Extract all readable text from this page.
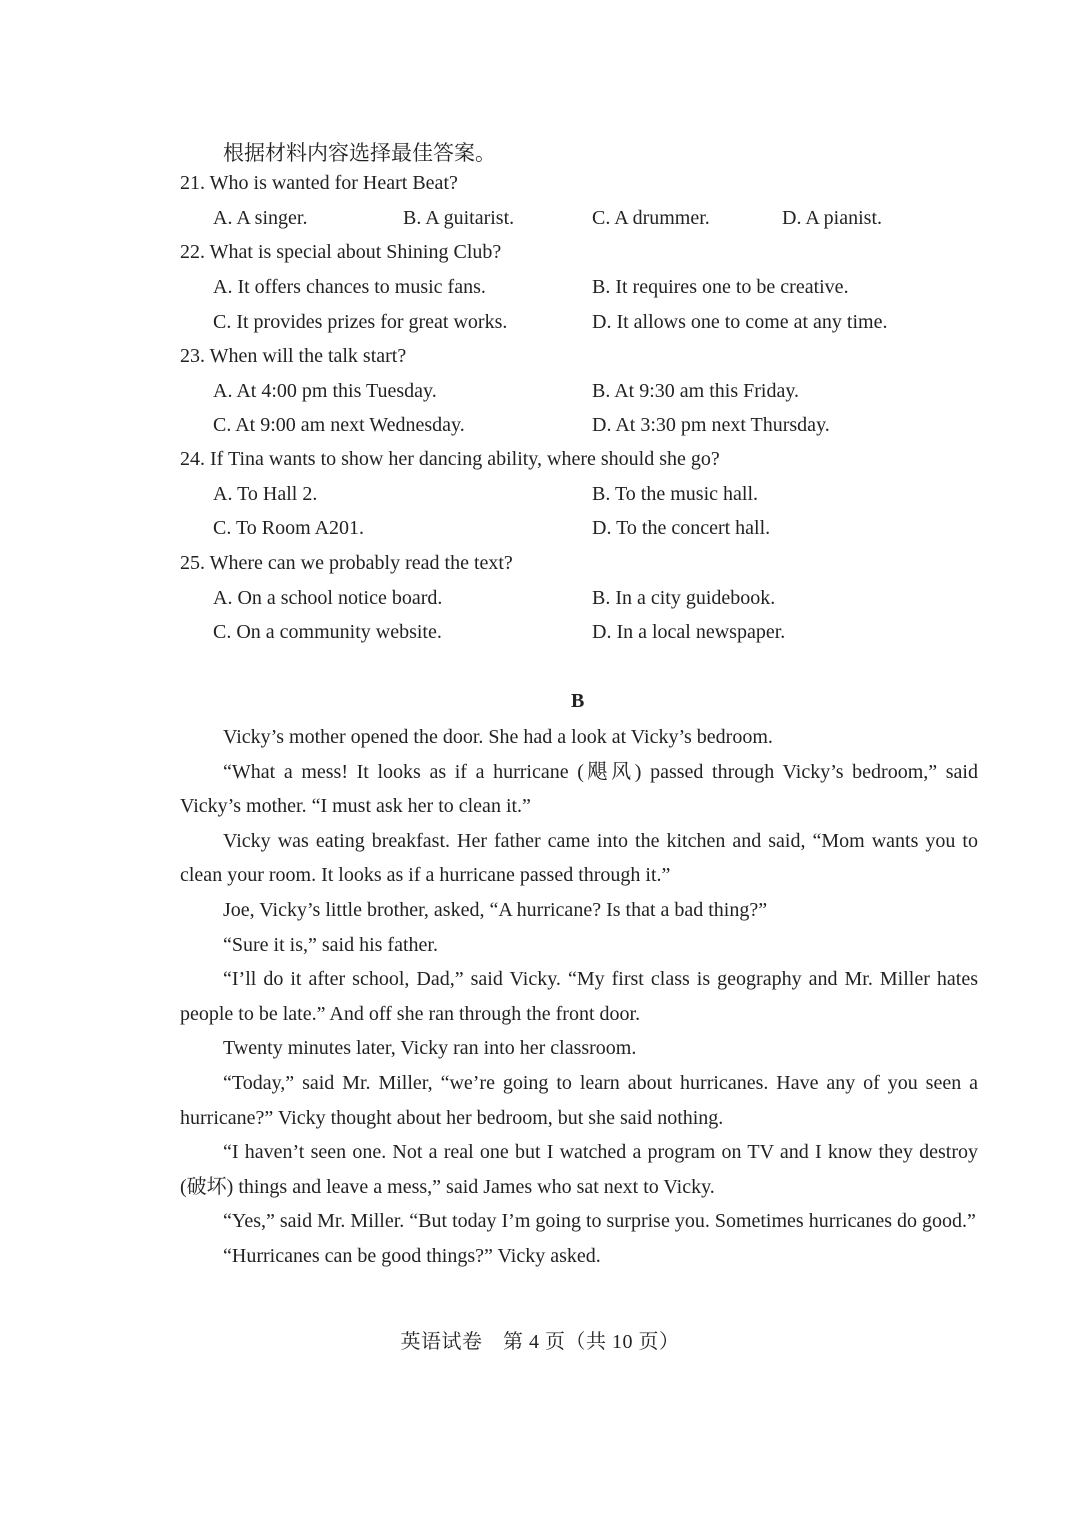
根据材料内容选择最佳答案。
21. Who is wanted for Heart Beat?
A. A singer.	B. A guitarist.	C. A drummer.	D. A pianist.
22. What is special about Shining Club?
A. It offers chances to music fans.	B. It requires one to be creative.
C. It provides prizes for great works.	D. It allows one to come at any time.
23. When will the talk start?
A. At 4:00 pm this Tuesday.	B. At 9:30 am this Friday.
C. At 9:00 am next Wednesday.	D. At 3:30 pm next Thursday.
24. If Tina wants to show her dancing ability, where should she go?
A. To Hall 2.	B. To the music hall.
C. To Room A201.	D. To the concert hall.
25. Where can we probably read the text?
A. On a school notice board.	B. In a city guidebook.
C. On a community website.	D. In a local newspaper.
B

Vicky’s mother opened the door. She had a look at Vicky’s bedroom.

“What a mess! It looks as if a hurricane (飓风) passed through Vicky’s bedroom,” said Vicky’s mother. “I must ask her to clean it.”

Vicky was eating breakfast. Her father came into the kitchen and said, “Mom wants you to clean your room. It looks as if a hurricane passed through it.”

Joe, Vicky’s little brother, asked, “A hurricane? Is that a bad thing?”

“Sure it is,” said his father.

“I’ll do it after school, Dad,” said Vicky. “My first class is geography and Mr. Miller hates people to be late.” And off she ran through the front door.

Twenty minutes later, Vicky ran into her classroom.

“Today,” said Mr. Miller, “we’re going to learn about hurricanes. Have any of you seen a hurricane?” Vicky thought about her bedroom, but she said nothing.

“I haven’t seen one. Not a real one but I watched a program on TV and I know they destroy (破坏) things and leave a mess,” said James who sat next to Vicky.

“Yes,” said Mr. Miller. “But today I’m going to surprise you. Sometimes hurricanes do good.”

“Hurricanes can be good things?” Vicky asked.

英语试卷　第 4 页（共 10 页）
